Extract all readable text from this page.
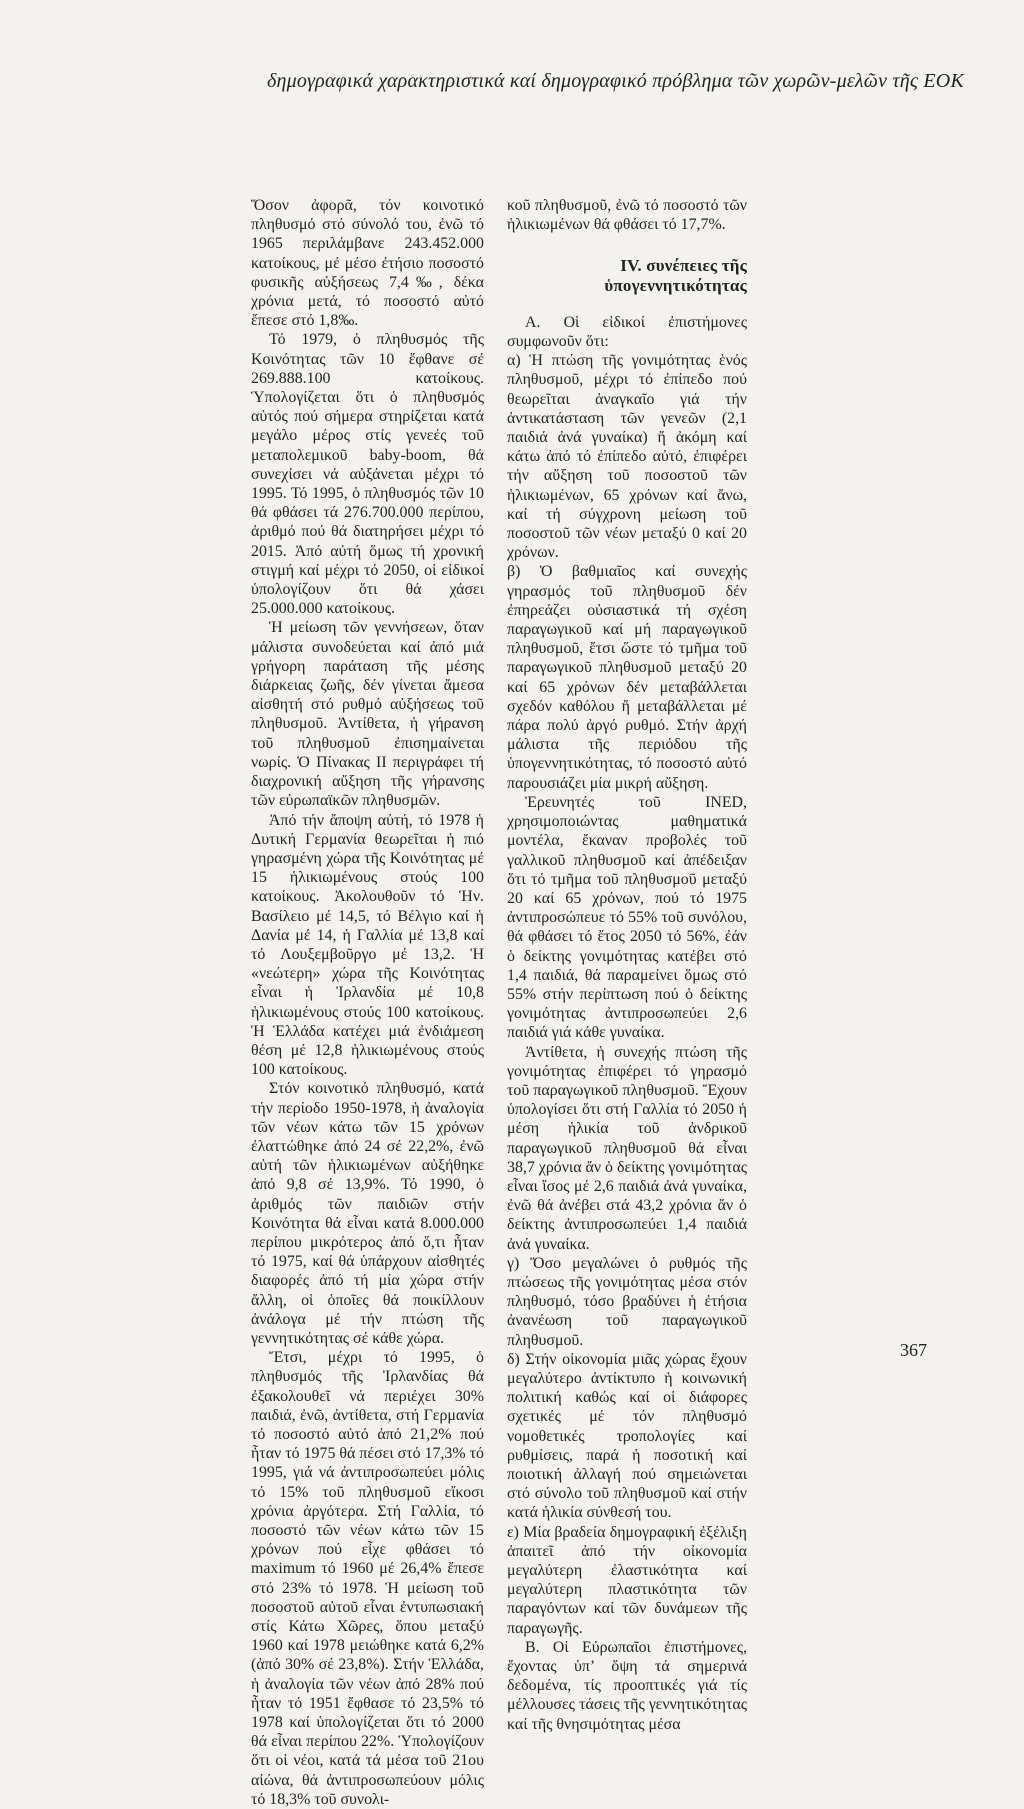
δημογραφικά χαρακτηριστικά καί δημογραφικό πρόβλημα τῶν χωρῶν-μελῶν τῆς ΕΟΚ

Ὅσον ἀφορᾶ, τόν κοινοτικό πληθυσμό στό σύνολό του, ἐνῶ τό 1965 περιλάμβανε 243.452.000 κατοίκους, μέ μέσο ἐτήσιο ποσοστό φυσικῆς αὐξήσεως 7,4‰, δέκα χρόνια μετά, τό ποσοστό αὐτό ἔπεσε στό 1,8‰.

Τό 1979, ὁ πληθυσμός τῆς Κοινότητας τῶν 10 ἔφθανε σέ 269.888.100 κατοίκους. Ὑπολογίζεται ὅτι ὁ πληθυσμός αὐτός πού σήμερα στηρίζεται κατά μεγάλο μέρος στίς γενεές τοῦ μεταπολεμικοῦ baby-boom, θά συνεχίσει νά αὐξάνεται μέχρι τό 1995. Τό 1995, ὁ πληθυσμός τῶν 10 θά φθάσει τά 276.700.000 περίπου, ἀριθμό πού θά διατηρήσει μέχρι τό 2015. Ἀπό αὐτή ὅμως τή χρονική στιγμή καί μέχρι τό 2050, οἱ εἰδικοί ὑπολογίζουν ὅτι θά χάσει 25.000.000 κατοίκους.

Ἡ μείωση τῶν γεννήσεων, ὅταν μάλιστα συνοδεύεται καί ἀπό μιά γρήγορη παράταση τῆς μέσης διάρκειας ζωῆς, δέν γίνεται ἄμεσα αἰσθητή στό ρυθμό αὐξήσεως τοῦ πληθυσμοῦ. Ἀντίθετα, ἡ γήρανση τοῦ πληθυσμοῦ ἐπισημαίνεται νωρίς. Ὁ Πίνακας ΙΙ περιγράφει τή διαχρονική αὔξηση τῆς γήρανσης τῶν εὐρωπαϊκῶν πληθυσμῶν.

Ἀπό τήν ἄποψη αὐτή, τό 1978 ἡ Δυτική Γερμανία θεωρεῖται ἡ πιό γηρασμένη χώρα τῆς Κοινότητας μέ 15 ἡλικιωμένους στούς 100 κατοίκους. Ἀκολουθοῦν τό Ἡν. Βασίλειο μέ 14,5, τό Βέλγιο καί ἡ Δανία μέ 14, ἡ Γαλλία μέ 13,8 καί τό Λουξεμβοῦργο μέ 13,2. Ἡ «νεώτερη» χώρα τῆς Κοινότητας εἶναι ἡ Ἰρλανδία μέ 10,8 ἡλικιωμένους στούς 100 κατοίκους. Ἡ Ἑλλάδα κατέχει μιά ἐνδιάμεση θέση μέ 12,8 ἡλικιωμένους στούς 100 κατοίκους.

Στόν κοινοτικό πληθυσμό, κατά τήν περίοδο 1950-1978, ἡ ἀναλογία τῶν νέων κάτω τῶν 15 χρόνων ἐλαττώθηκε ἀπό 24 σέ 22,2%, ἐνῶ αὐτή τῶν ἡλικιωμένων αὐξήθηκε ἀπό 9,8 σέ 13,9%. Τό 1990, ὁ ἀριθμός τῶν παιδιῶν στήν Κοινότητα θά εἶναι κατά 8.000.000 περίπου μικρότερος ἀπό ὅ,τι ἦταν τό 1975, καί θά ὑπάρχουν αἰσθητές διαφορές ἀπό τή μία χώρα στήν ἄλλη, οἱ ὁποῖες θά ποικίλλουν ἀνάλογα μέ τήν πτώση τῆς γεννητικότητας σέ κάθε χώρα.

Ἔτσι, μέχρι τό 1995, ὁ πληθυσμός τῆς Ἰρλανδίας θά ἐξακολουθεῖ νά περιέχει 30% παιδιά, ἐνῶ, ἀντίθετα, στή Γερμανία τό ποσοστό αὐτό ἀπό 21,2% πού ἦταν τό 1975 θά πέσει στό 17,3% τό 1995, γιά νά ἀντιπροσωπεύει μόλις τό 15% τοῦ πληθυσμοῦ εἴκοσι χρόνια ἀργότερα. Στή Γαλλία, τό ποσοστό τῶν νέων κάτω τῶν 15 χρόνων πού εἶχε φθάσει τό maximum τό 1960 μέ 26,4% ἔπεσε στό 23% τό 1978. Ἡ μείωση τοῦ ποσοστοῦ αὐτοῦ εἶναι ἐντυπωσιακή στίς Κάτω Χῶρες, ὅπου μεταξύ 1960 καί 1978 μειώθηκε κατά 6,2% (ἀπό 30% σέ 23,8%). Στήν Ἑλλάδα, ἡ ἀναλογία τῶν νέων ἀπό 28% πού ἦταν τό 1951 ἔφθασε τό 23,5% τό 1978 καί ὑπολογίζεται ὅτι τό 2000 θά εἶναι περίπου 22%. Ὑπολογίζουν ὅτι οἱ νέοι, κατά τά μέσα τοῦ 21ου αἰώνα, θά ἀντιπροσωπεύουν μόλις τό 18,3% τοῦ συνολι-

κοῦ πληθυσμοῦ, ἐνῶ τό ποσοστό τῶν ἡλικιωμένων θά φθάσει τό 17,7%.

IV. συνέπειες τῆς ὑπογεννητικότητας

Α. Οἱ εἰδικοί ἐπιστήμονες συμφωνοῦν ὅτι:

α) Ἡ πτώση τῆς γονιμότητας ἑνός πληθυσμοῦ, μέχρι τό ἐπίπεδο πού θεωρεῖται ἀναγκαῖο γιά τήν ἀντικατάσταση τῶν γενεῶν (2,1 παιδιά ἀνά γυναίκα) ἤ ἀκόμη καί κάτω ἀπό τό ἐπίπεδο αὐτό, ἐπιφέρει τήν αὔξηση τοῦ ποσοστοῦ τῶν ἡλικιωμένων, 65 χρόνων καί ἄνω, καί τή σύγχρονη μείωση τοῦ ποσοστοῦ τῶν νέων μεταξύ 0 καί 20 χρόνων.

β) Ὁ βαθμιαῖος καί συνεχής γηρασμός τοῦ πληθυσμοῦ δέν ἐπηρεάζει οὐσιαστικά τή σχέση παραγωγικοῦ καί μή παραγωγικοῦ πληθυσμοῦ, ἔτσι ὥστε τό τμῆμα τοῦ παραγωγικοῦ πληθυσμοῦ μεταξύ 20 καί 65 χρόνων δέν μεταβάλλεται σχεδόν καθόλου ἤ μεταβάλλεται μέ πάρα πολύ ἀργό ρυθμό. Στήν ἀρχή μάλιστα τῆς περιόδου τῆς ὑπογεννητικότητας, τό ποσοστό αὐτό παρουσιάζει μία μικρή αὔξηση.

Ἐρευνητές τοῦ INED, χρησιμοποιώντας μαθηματικά μοντέλα, ἔκαναν προβολές τοῦ γαλλικοῦ πληθυσμοῦ καί ἀπέδειξαν ὅτι τό τμῆμα τοῦ πληθυσμοῦ μεταξύ 20 καί 65 χρόνων, πού τό 1975 ἀντιπροσώπευε τό 55% τοῦ συνόλου, θά φθάσει τό ἔτος 2050 τό 56%, ἐάν ὁ δείκτης γονιμότητας κατέβει στό 1,4 παιδιά, θά παραμείνει ὅμως στό 55% στήν περίπτωση πού ὁ δείκτης γονιμότητας ἀντιπροσωπεύει 2,6 παιδιά γιά κάθε γυναίκα.

Ἀντίθετα, ἡ συνεχής πτώση τῆς γονιμότητας ἐπιφέρει τό γηρασμό τοῦ παραγωγικοῦ πληθυσμοῦ. Ἔχουν ὑπολογίσει ὅτι στή Γαλλία τό 2050 ἡ μέση ἡλικία τοῦ ἀνδρικοῦ παραγωγικοῦ πληθυσμοῦ θά εἶναι 38,7 χρόνια ἄν ὁ δείκτης γονιμότητας εἶναι ἴσος μέ 2,6 παιδιά ἀνά γυναίκα, ἐνῶ θά ἀνέβει στά 43,2 χρόνια ἄν ὁ δείκτης ἀντιπροσωπεύει 1,4 παιδιά ἀνά γυναίκα.

γ) Ὅσο μεγαλώνει ὁ ρυθμός τῆς πτώσεως τῆς γονιμότητας μέσα στόν πληθυσμό, τόσο βραδύνει ἡ ἐτήσια ἀνανέωση τοῦ παραγωγικοῦ πληθυσμοῦ.

δ) Στήν οἰκονομία μιᾶς χώρας ἔχουν μεγαλύτερο ἀντίκτυπο ἡ κοινωνική πολιτική καθώς καί οἱ διάφορες σχετικές μέ τόν πληθυσμό νομοθετικές τροπολογίες καί ρυθμίσεις, παρά ἡ ποσοτική καί ποιοτική ἀλλαγή πού σημειώνεται στό σύνολο τοῦ πληθυσμοῦ καί στήν κατά ἡλικία σύνθεσή του.

ε) Μία βραδεία δημογραφική ἐξέλιξη ἀπαιτεῖ ἀπό τήν οἰκονομία μεγαλύτερη ἐλαστικότητα καί μεγαλύτερη πλαστικότητα τῶν παραγόντων καί τῶν δυνάμεων τῆς παραγωγῆς.

Β. Οἱ Εὐρωπαῖοι ἐπιστήμονες, ἔχοντας ὑπ’ ὄψη τά σημερινά δεδομένα, τίς προοπτικές γιά τίς μέλλουσες τάσεις τῆς γεννητικότητας καί τῆς θνησιμότητας μέσα

367
